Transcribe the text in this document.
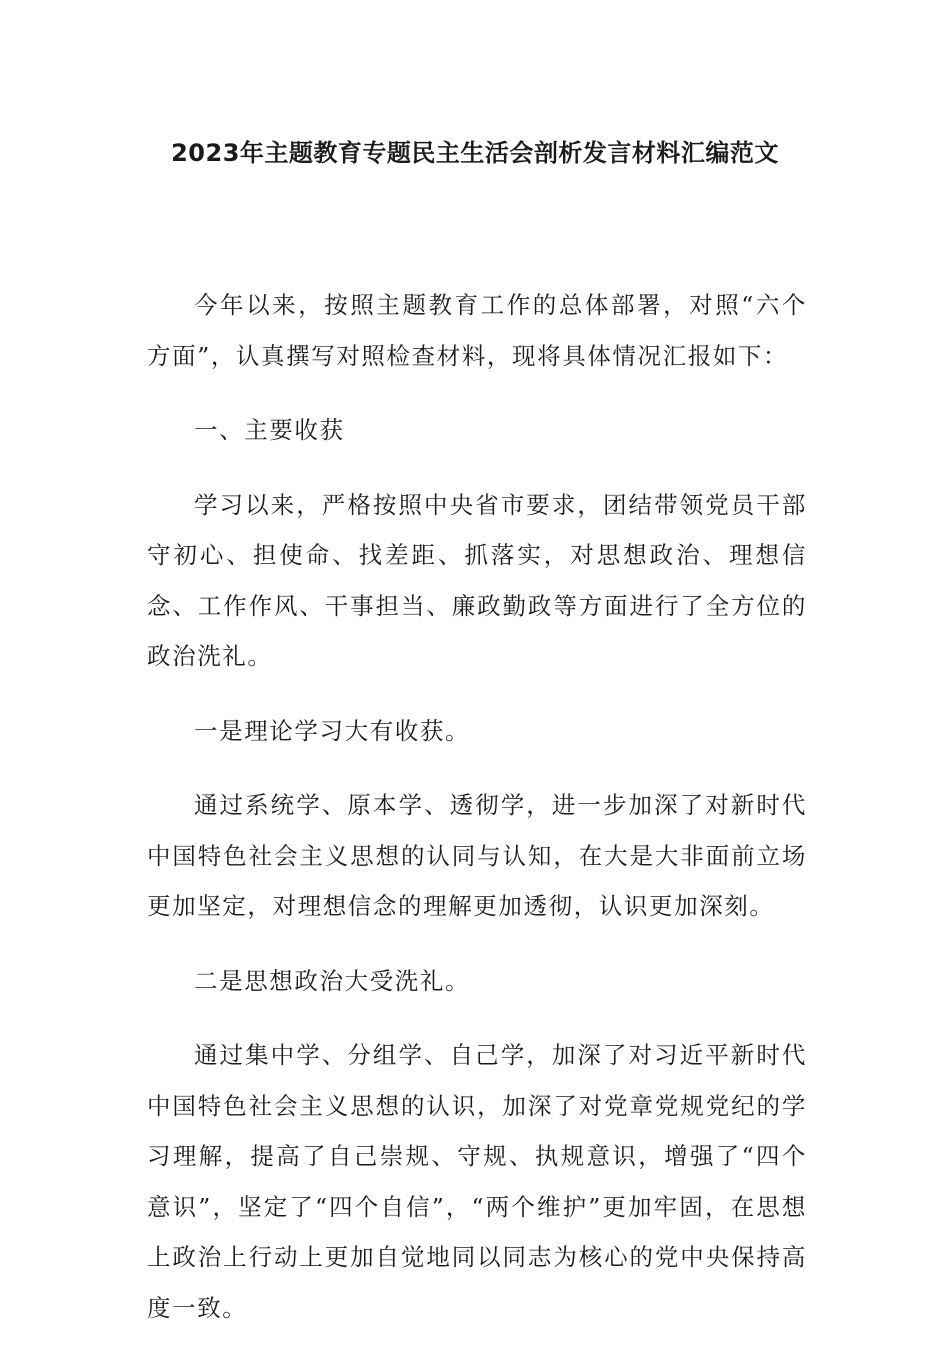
2023年主题教育专题民主生活会剖析发言材料汇编范文

今年以来，按照主题教育工作的总体部署，对照“六个方面”，认真撰写对照检查材料，现将具体情况汇报如下：

一、主要收获

学习以来，严格按照中央省市要求，团结带领党员干部守初心、担使命、找差距、抓落实，对思想政治、理想信念、工作作风、干事担当、廉政勤政等方面进行了全方位的政治洗礼。

一是理论学习大有收获。

通过系统学、原本学、透彻学，进一步加深了对新时代中国特色社会主义思想的认同与认知，在大是大非面前立场更加坚定，对理想信念的理解更加透彻，认识更加深刻。

二是思想政治大受洗礼。

通过集中学、分组学、自己学，加深了对习近平新时代中国特色社会主义思想的认识，加深了对党章党规党纪的学习理解，提高了自己崇规、守规、执规意识，增强了“四个意识”，坚定了“四个自信”，“两个维护”更加牢固，在思想上政治上行动上更加自觉地同以同志为核心的党中央保持高度一致。
